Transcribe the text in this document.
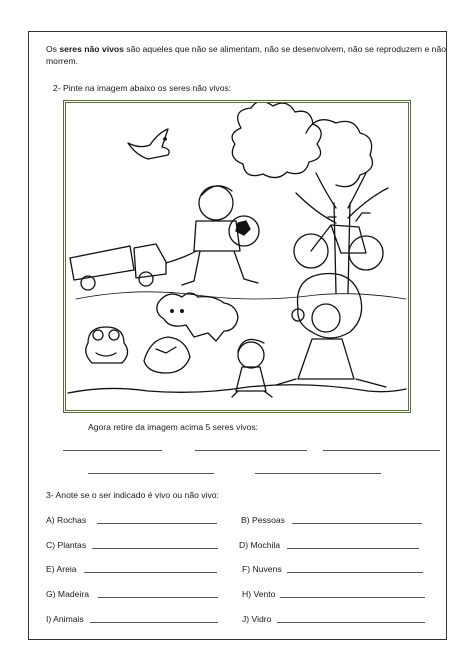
Os seres não vivos são aqueles que não se alimentam, não se desenvolvem, não se reproduzem e não morrem.
2- Pinte na imagem abaixo os seres não vivos:
Agora retire da imagem acima 5 seres vivos:
3- Anote se o ser indicado é vivo ou não vivo:
A) Rochas	B) Pessoas
C) Plantas	D) Mochila
E) Areia	F) Nuvens
G) Madeira	H) Vento
I) Animais	J) Vidro
